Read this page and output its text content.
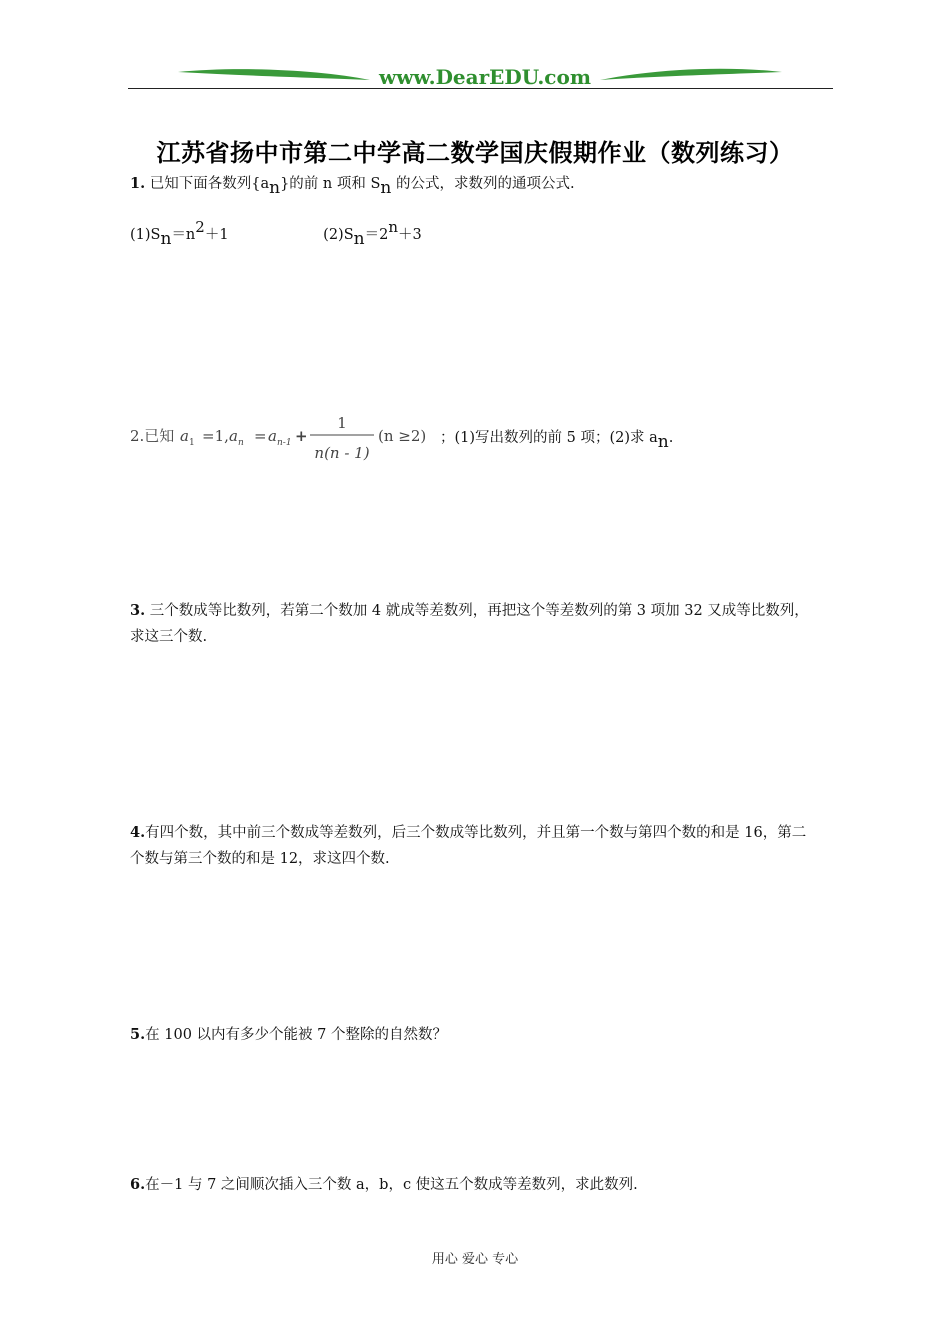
www.DearEDU.com
江苏省扬中市第二中学高二数学国庆假期作业（数列练习）
1. 已知下面各数列{an}的前 n 项和 Sn 的公式，求数列的通项公式.
(1)Sn＝n2＋1	(2)Sn＝2n＋3
2.已知 a 1 =1, a n = a n-1 +
1
n(n - 1)
(n ≥2) ；(1)写出数列的前 5 项；(2)求 an.
3. 三个数成等比数列，若第二个数加 4 就成等差数列，再把这个等差数列的第 3 项加 32 又成等比数列，求这三个数.
4.有四个数，其中前三个数成等差数列，后三个数成等比数列，并且第一个数与第四个数的和是 16，第二个数与第三个数的和是 12，求这四个数.
5.在 100 以内有多少个能被 7 个整除的自然数？
6.在－1 与 7 之间顺次插入三个数 a，b，c 使这五个数成等差数列，求此数列.
用心 爱心 专心
